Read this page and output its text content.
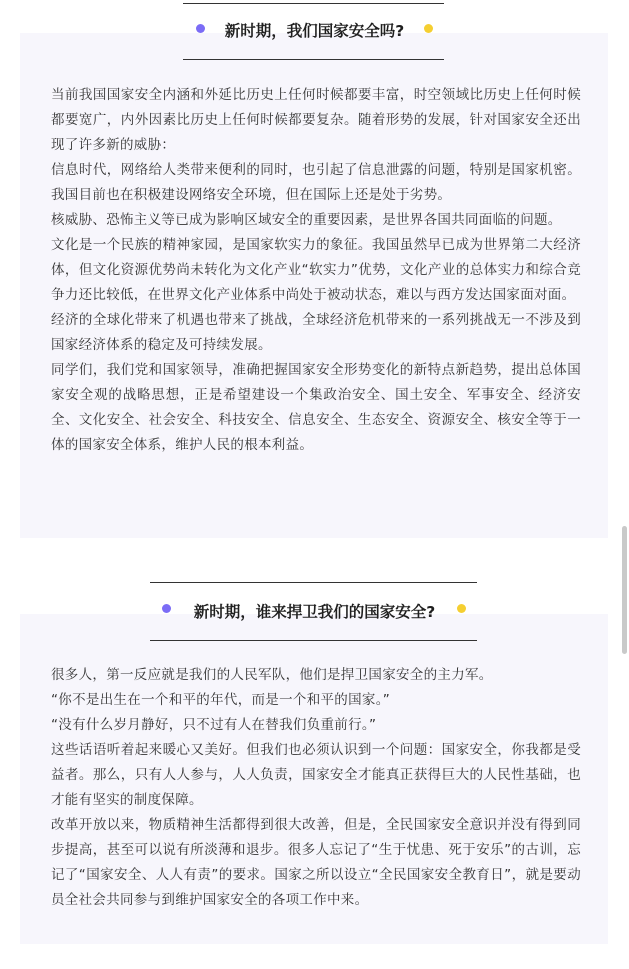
新时期，我们国家安全吗?

当前我国国家安全内涵和外延比历史上任何时候都要丰富，时空领域比历史上任何时候都要宽广，内外因素比历史上任何时候都要复杂。随着形势的发展，针对国家安全还出现了许多新的威胁：

信息时代，网络给人类带来便利的同时，也引起了信息泄露的问题，特别是国家机密。我国目前也在积极建设网络安全环境，但在国际上还是处于劣势。

核威胁、恐怖主义等已成为影响区域安全的重要因素，是世界各国共同面临的问题。

文化是一个民族的精神家园，是国家软实力的象征。我国虽然早已成为世界第二大经济体，但文化资源优势尚未转化为文化产业“软实力”优势，文化产业的总体实力和综合竞争力还比较低，在世界文化产业体系中尚处于被动状态，难以与西方发达国家面对面。

经济的全球化带来了机遇也带来了挑战，全球经济危机带来的一系列挑战无一不涉及到国家经济体系的稳定及可持续发展。

同学们，我们党和国家领导，准确把握国家安全形势变化的新特点新趋势，提出总体国家安全观的战略思想，正是希望建设一个集政治安全、国土安全、军事安全、经济安全、文化安全、社会安全、科技安全、信息安全、生态安全、资源安全、核安全等于一体的国家安全体系，维护人民的根本利益。

新时期，谁来捍卫我们的国家安全?

很多人，第一反应就是我们的人民军队，他们是捍卫国家安全的主力军。

“你不是出生在一个和平的年代，而是一个和平的国家。”

“没有什么岁月静好，只不过有人在替我们负重前行。”

这些话语听着起来暖心又美好。但我们也必须认识到一个问题：国家安全，你我都是受益者。那么，只有人人参与，人人负责，国家安全才能真正获得巨大的人民性基础，也才能有坚实的制度保障。

改革开放以来，物质精神生活都得到很大改善，但是，全民国家安全意识并没有得到同步提高，甚至可以说有所淡薄和退步。很多人忘记了“生于忧患、死于安乐”的古训，忘记了“国家安全、人人有责”的要求。国家之所以设立“全民国家安全教育日”，就是要动员全社会共同参与到维护国家安全的各项工作中来。
